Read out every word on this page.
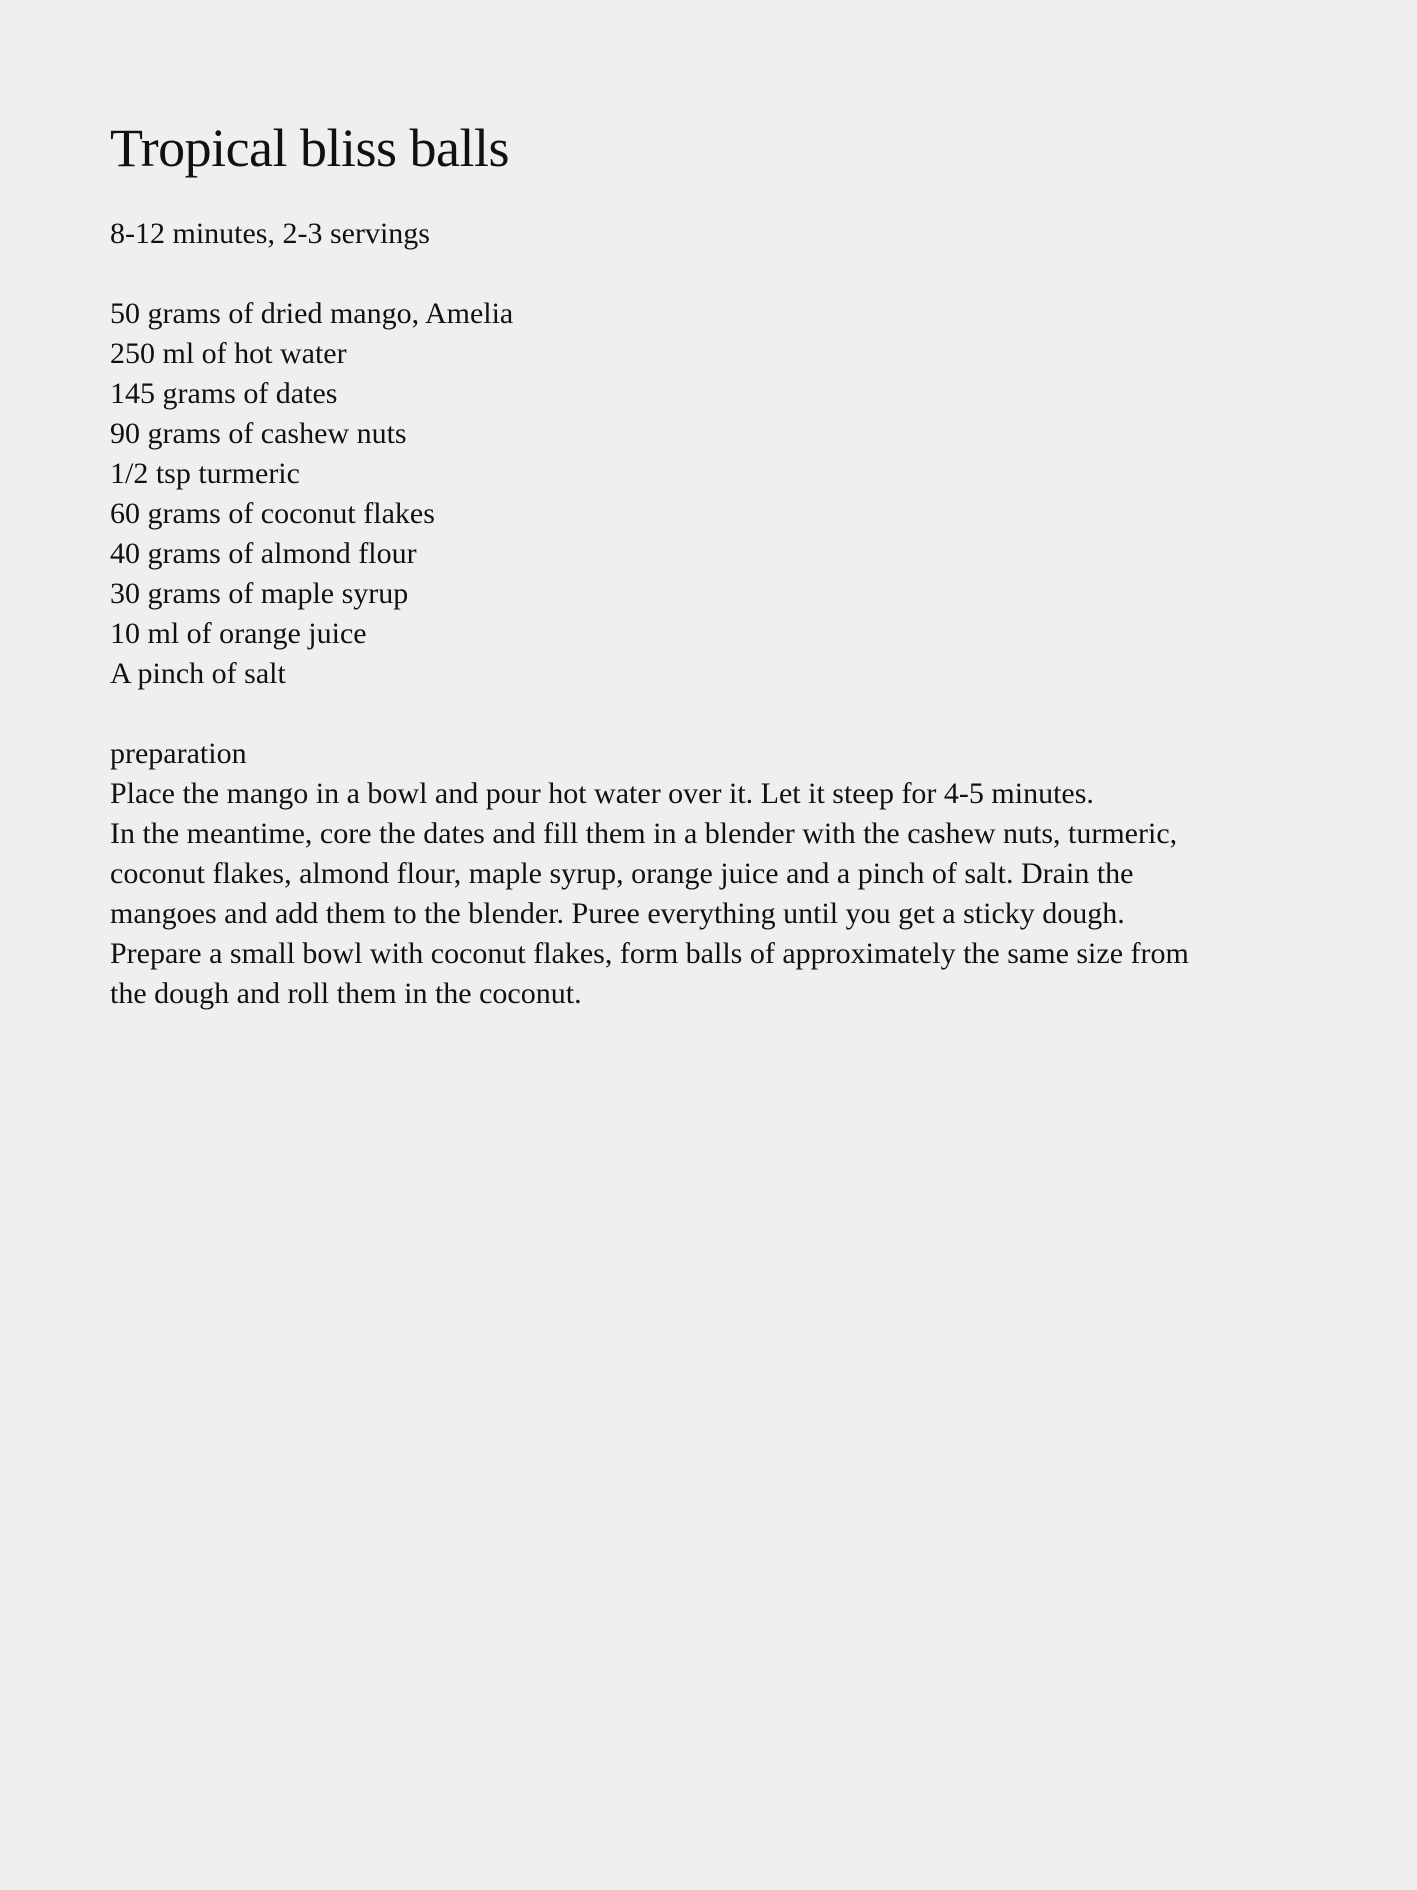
Tropical bliss balls

8-12 minutes, 2-3 servings

50 grams of dried mango, Amelia
250 ml of hot water
145 grams of dates
90 grams of cashew nuts
1/2 tsp turmeric
60 grams of coconut flakes
40 grams of almond flour
30 grams of maple syrup
10 ml of orange juice
A pinch of salt
preparation
Place the mango in a bowl and pour hot water over it. Let it steep for 4-5 minutes.
In the meantime, core the dates and fill them in a blender with the cashew nuts, turmeric,
coconut flakes, almond flour, maple syrup, orange juice and a pinch of salt. Drain the
mangoes and add them to the blender. Puree everything until you get a sticky dough.
Prepare a small bowl with coconut flakes, form balls of approximately the same size from
the dough and roll them in the coconut.
